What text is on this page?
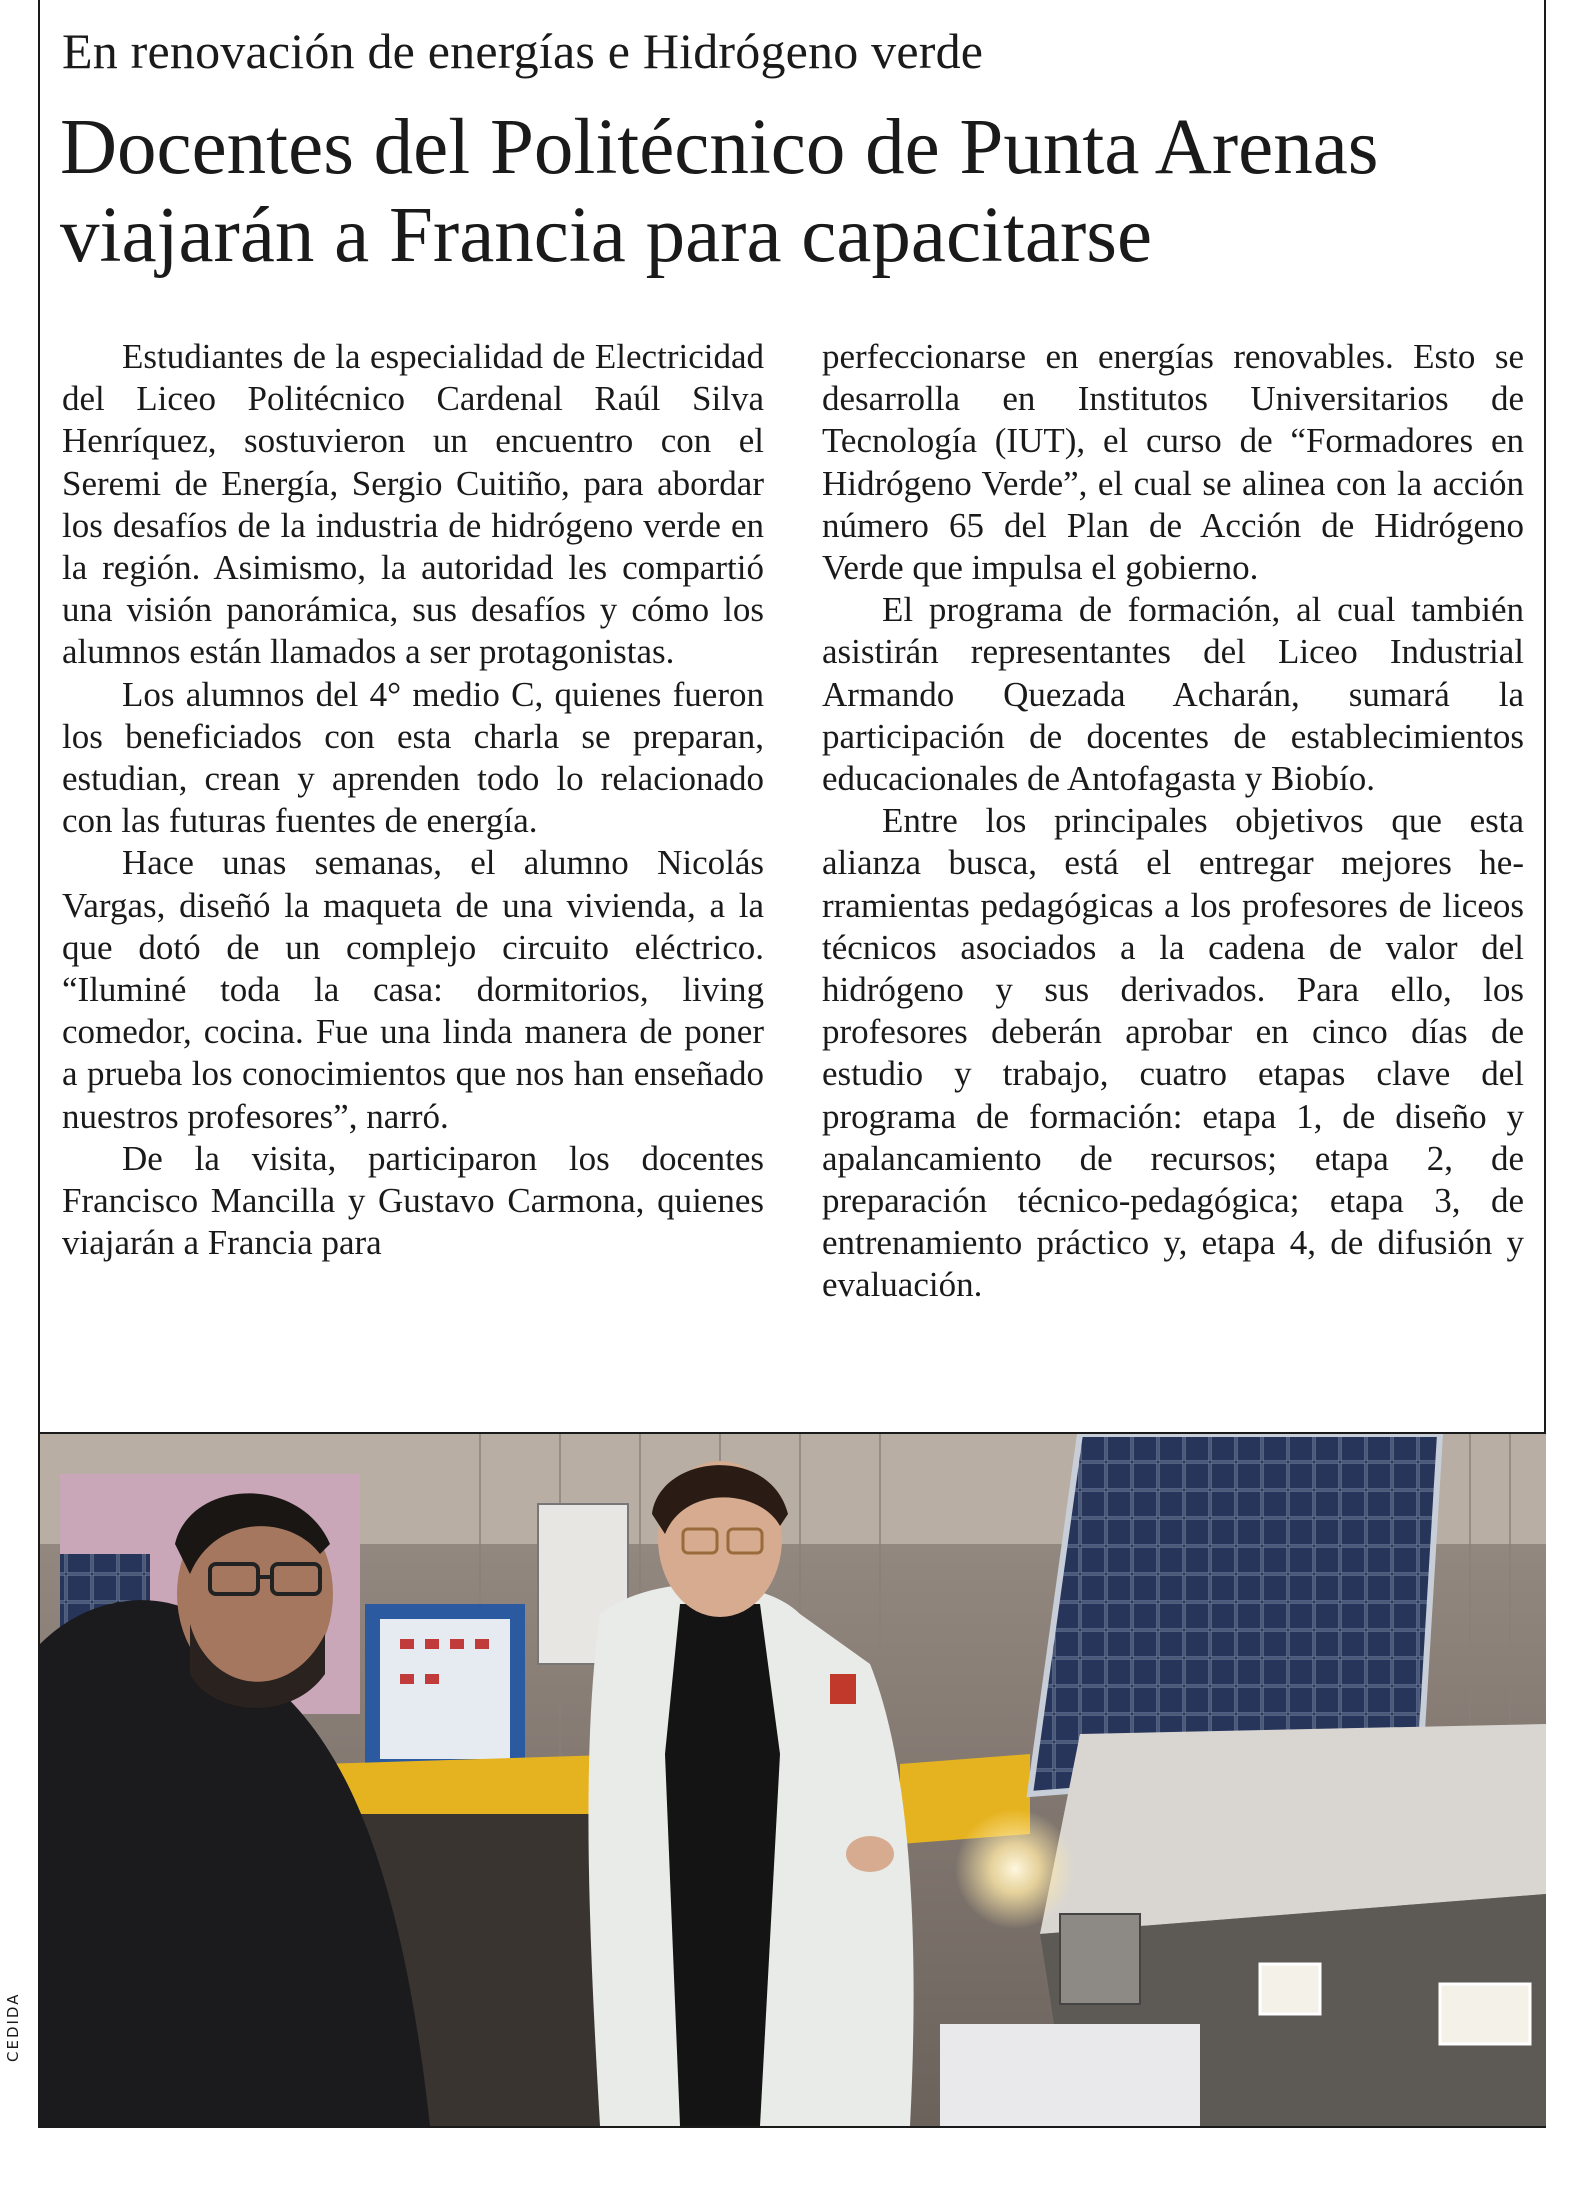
En renovación de energías e Hidrógeno verde
Docentes del Politécnico de Punta Arenas
viajarán a Francia para capacitarse

Estudiantes de la especialidad de Electricidad del Liceo Politécnico Cardenal Raúl Silva Henríquez, sostuvieron un encuentro con el Seremi de Energía, Sergio Cuitiño, para abordar los desafíos de la industria de hidrógeno verde en la región. Asimismo, la autoridad les compartió una visión panorámica, sus desafíos y cómo los alumnos están llamados a ser protagonistas.

Los alumnos del 4° medio C, quienes fueron los beneficiados con esta charla se preparan, estudian, crean y aprenden todo lo relacionado con las futuras fuentes de energía.

Hace unas semanas, el alumno Nicolás Vargas, diseñó la maqueta de una vivienda, a la que dotó de un complejo circuito eléctrico. “Iluminé toda la casa: dormitorios, living comedor, cocina. Fue una linda manera de poner a prueba los conocimientos que nos han enseñado nuestros profesores”, narró.

De la visita, participaron los docentes Francisco Mancilla y Gustavo Carmona, quienes viajarán a Francia para

perfeccionarse en energías renovables. Esto se desarrolla en Institutos Universitarios de Tecnología (IUT), el curso de “Formadores en Hidrógeno Verde”, el cual se alinea con la acción número 65 del Plan de Acción de Hidrógeno Verde que impulsa el gobierno.

El programa de formación, al cual también asistirán representantes del Liceo Industrial Armando Quezada Acharán, sumará la participación de docentes de establecimientos educacionales de Antofagasta y Biobío.

Entre los principales objetivos que esta alianza busca, está el entregar mejores herramientas pedagógicas a los profesores de liceos técnicos asociados a la cadena de valor del hidrógeno y sus derivados. Para ello, los profesores deberán aprobar en cinco días de estudio y trabajo, cuatro etapas clave del programa de formación: etapa 1, de diseño y apalancamiento de recursos; etapa 2, de preparación técnico-pedagógica; etapa 3, de entrenamiento práctico y, etapa 4, de difusión y evaluación.

CEDIDA
